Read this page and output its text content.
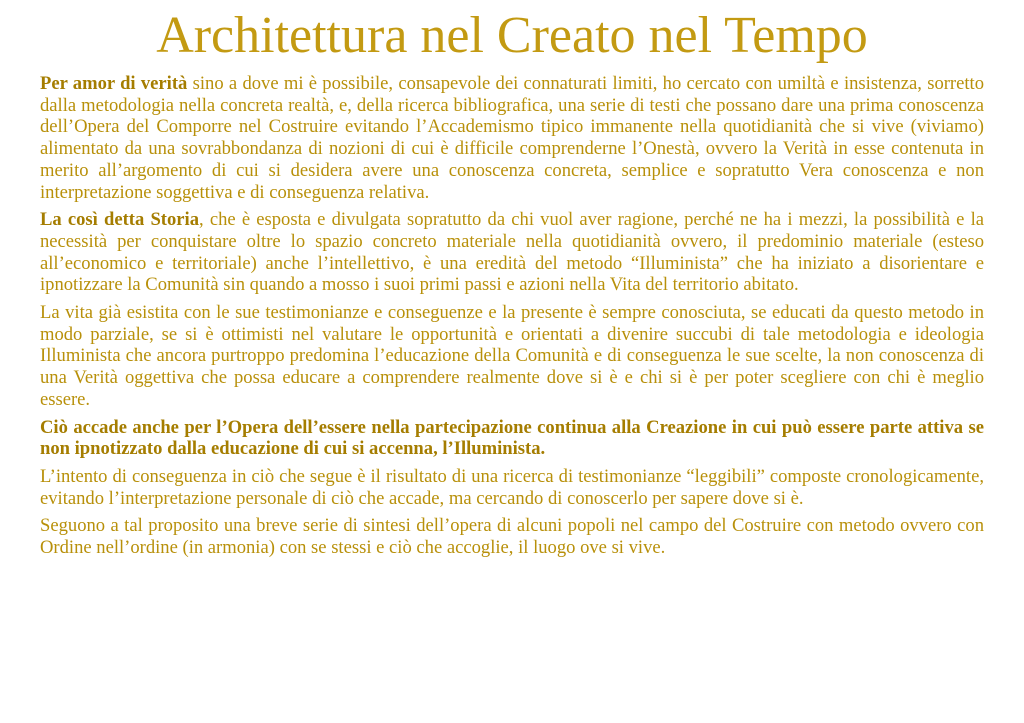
Architettura nel Creato nel Tempo

Per amor di verità sino a dove mi è possibile, consapevole dei connaturati limiti, ho cercato con umiltà e insistenza, sorretto dalla metodologia nella concreta realtà, e, della ricerca bibliografica, una serie di testi che possano dare una prima conoscenza dell’Opera del Comporre nel Costruire evitando l’Accademismo tipico immanente nella quotidianità che si vive (viviamo) alimentato da una sovrabbondanza di nozioni di cui è difficile comprenderne l’Onestà, ovvero la Verità in esse contenuta in merito all’argomento di cui si desidera avere una conoscenza concreta, semplice e sopratutto Vera conoscenza e non interpretazione soggettiva e di conseguenza relativa.

La così detta Storia, che è esposta e divulgata sopratutto da chi vuol aver ragione, perché ne ha i mezzi, la possibilità e la necessità per conquistare oltre lo spazio concreto materiale nella quotidianità ovvero, il predominio materiale (esteso all’economico e territoriale) anche l’intellettivo, è una eredità del metodo “Illuminista” che ha iniziato a disorientare e ipnotizzare la Comunità sin quando a mosso i suoi primi passi e azioni nella Vita del territorio abitato.

La vita già esistita con le sue testimonianze e conseguenze e la presente è sempre conosciuta, se educati da questo metodo in modo parziale, se si è ottimisti nel valutare le opportunità e orientati a divenire succubi di tale metodologia e ideologia Illuminista che ancora purtroppo predomina l’educazione della Comunità e di conseguenza le sue scelte, la non conoscenza di una Verità oggettiva che possa educare a comprendere realmente dove si è e chi si è per poter scegliere con chi è meglio essere.

Ciò accade anche per l’Opera dell’essere nella partecipazione continua alla Creazione in cui può essere parte attiva se non ipnotizzato dalla educazione di cui si accenna, l’Illuminista.

L’intento di conseguenza in ciò che segue è il risultato di una ricerca di testimonianze “leggibili” composte cronologicamente, evitando l’interpretazione personale di ciò che accade, ma cercando di conoscerlo per sapere dove si è.

Seguono a tal proposito una breve serie di sintesi dell’opera di alcuni popoli nel campo del Costruire con metodo ovvero con Ordine nell’ordine (in armonia) con se stessi e ciò che accoglie, il luogo ove si vive.
